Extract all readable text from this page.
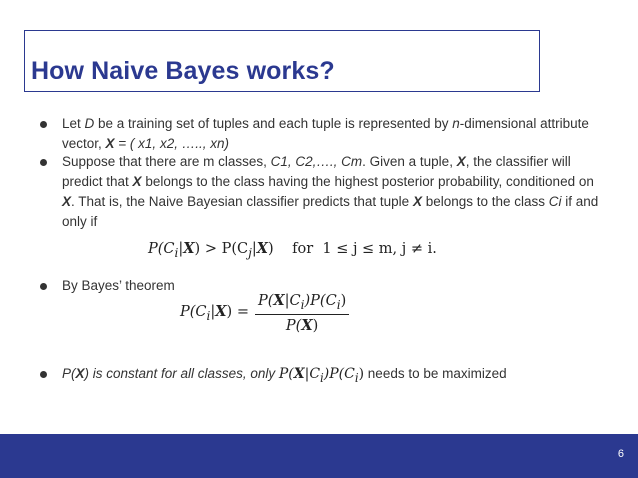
How Naive Bayes works?
Let D be a training set of tuples and each tuple is represented by n-dimensional attribute vector, X = ( x1, x2, ….., xn)
Suppose that there are m classes, C1, C2,…., Cm. Given a tuple, X, the classifier will predict that X belongs to the class having the highest posterior probability, conditioned on X. That is, the Naive Bayesian classifier predicts that tuple X belongs to the class Ci if and only if
$P(C_i|X) > P(C_j|X)$    for  1 ≤ j ≤ m, j ≠ i.
By Bayes’ theorem
$P(C_i|X) = \frac{P(X|C_i)P(C_i)}{P(X)}$
P(X) is constant for all classes, only $P(X|C_i)P(C_i)$ needs to be maximized
6
